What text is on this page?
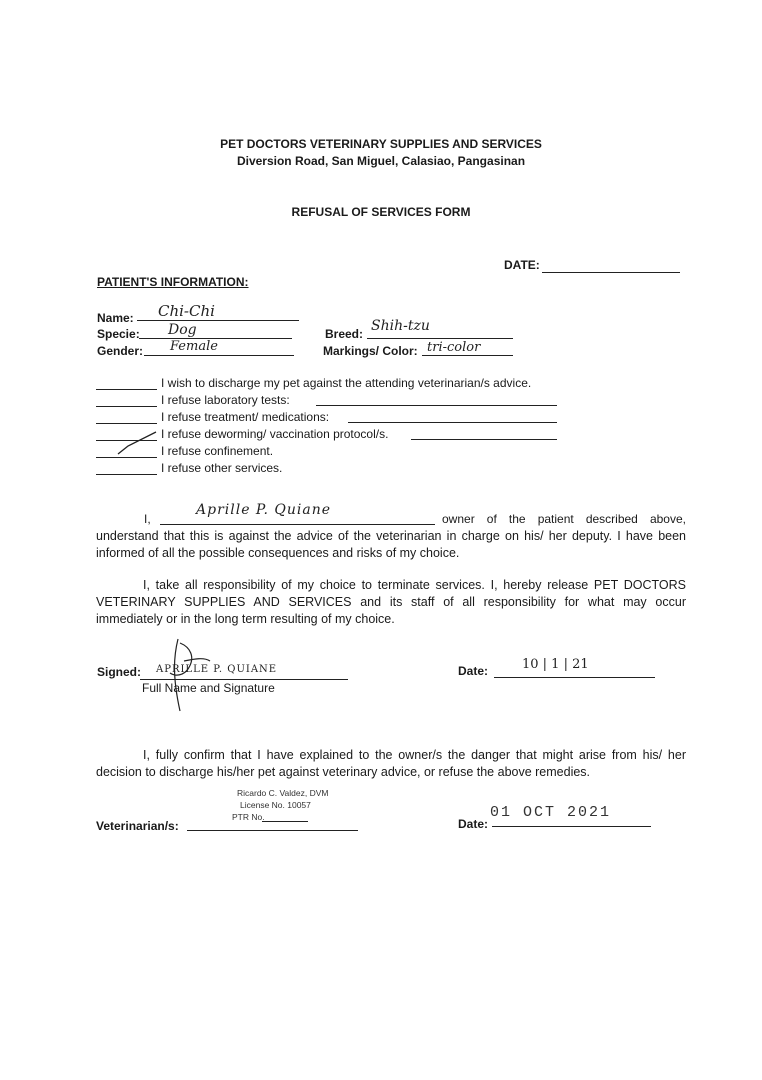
PET DOCTORS VETERINARY SUPPLIES AND SERVICES
Diversion Road, San Miguel, Calasiao, Pangasinan
REFUSAL OF SERVICES FORM
DATE:
PATIENT'S INFORMATION:
Name: Chi-Chi
Specie: Dog
Gender: Female
Breed: Shih-tzu
Markings/ Color: tri-color
I wish to discharge my pet against the attending veterinarian/s advice.
I refuse laboratory tests:
I refuse treatment/ medications:
I refuse deworming/ vaccination protocol/s.
I refuse confinement.
I refuse other services.
I,
Aprille P. Quiane
owner of the patient described above,
understand that this is against the advice of the veterinarian in charge on his/ her deputy. I have been informed of all the possible consequences and risks of my choice.
I, take all responsibility of my choice to terminate services. I, hereby release PET DOCTORS VETERINARY SUPPLIES AND SERVICES and its staff of all responsibility for what may occur immediately or in the long term resulting of my choice.
Signed: APRILLE P. QUIANE
Full Name and Signature
Date:	10 | 1 | 21
I, fully confirm that I have explained to the owner/s the danger that might arise from his/ her decision to discharge his/her pet against veterinary advice, or refuse the above remedies.
Ricardo C. Valdez, DVM
License No. 10057
PTR No.
Veterinarian/s:	Date:
01 OCT 2021
